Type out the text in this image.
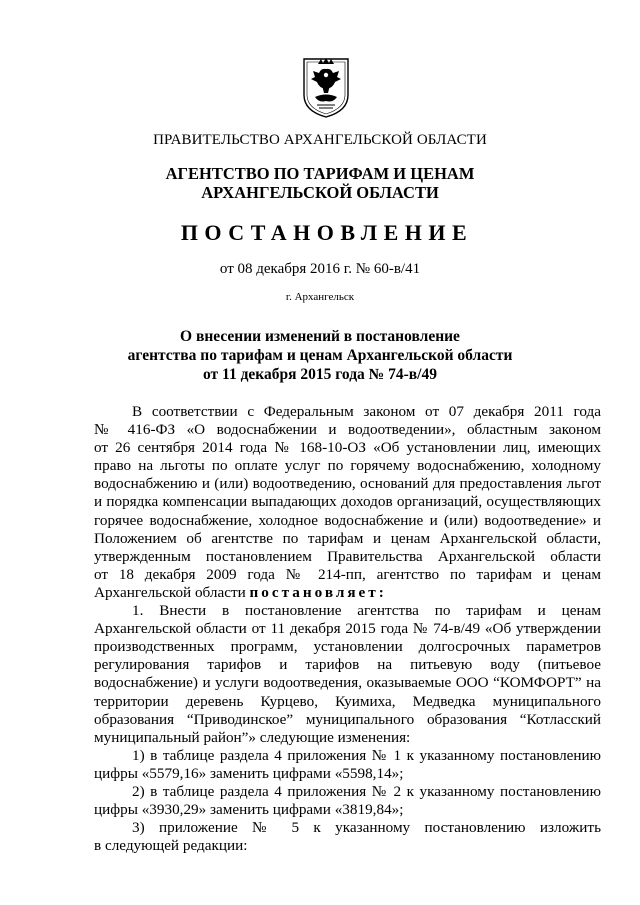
ПРАВИТЕЛЬСТВО АРХАНГЕЛЬСКОЙ ОБЛАСТИ
АГЕНТСТВО ПО ТАРИФАМ И ЦЕНАМ
АРХАНГЕЛЬСКОЙ ОБЛАСТИ
ПОСТАНОВЛЕНИЕ
от 08 декабря 2016 г. № 60-в/41
г. Архангельск
О внесении изменений в постановление
агентства по тарифам и ценам Архангельской области
от 11 декабря 2015 года № 74-в/49
В соответствии с Федеральным законом от 07 декабря 2011 года
№ 416-ФЗ «О водоснабжении и водоотведении», областным законом
от 26 сентября 2014 года № 168-10-ОЗ «Об установлении лиц, имеющих
право на льготы по оплате услуг по горячему водоснабжению, холодному
водоснабжению и (или) водоотведению, оснований для предоставления льгот
и порядка компенсации выпадающих доходов организаций, осуществляющих
горячее водоснабжение, холодное водоснабжение и (или) водоотведение» и
Положением об агентстве по тарифам и ценам Архангельской области,
утвержденным постановлением Правительства Архангельской области
от 18 декабря 2009 года № 214-пп, агентство по тарифам и ценам
Архангельской области постановляет:
1. Внести в постановление агентства по тарифам и ценам
Архангельской области от 11 декабря 2015 года № 74-в/49 «Об утверждении
производственных программ, установлении долгосрочных параметров
регулирования тарифов и тарифов на питьевую воду (питьевое
водоснабжение) и услуги водоотведения, оказываемые ООО “КОМФОРТ” на
территории деревень Курцево, Куимиха, Медведка муниципального
образования “Приводинское” муниципального образования “Котласский
муниципальный район”» следующие изменения:
1) в таблице раздела 4 приложения № 1 к указанному постановлению
цифры «5579,16» заменить цифрами «5598,14»;
2) в таблице раздела 4 приложения № 2 к указанному постановлению
цифры «3930,29» заменить цифрами «3819,84»;
3) приложение № 5 к указанному постановлению изложить
в следующей редакции:
